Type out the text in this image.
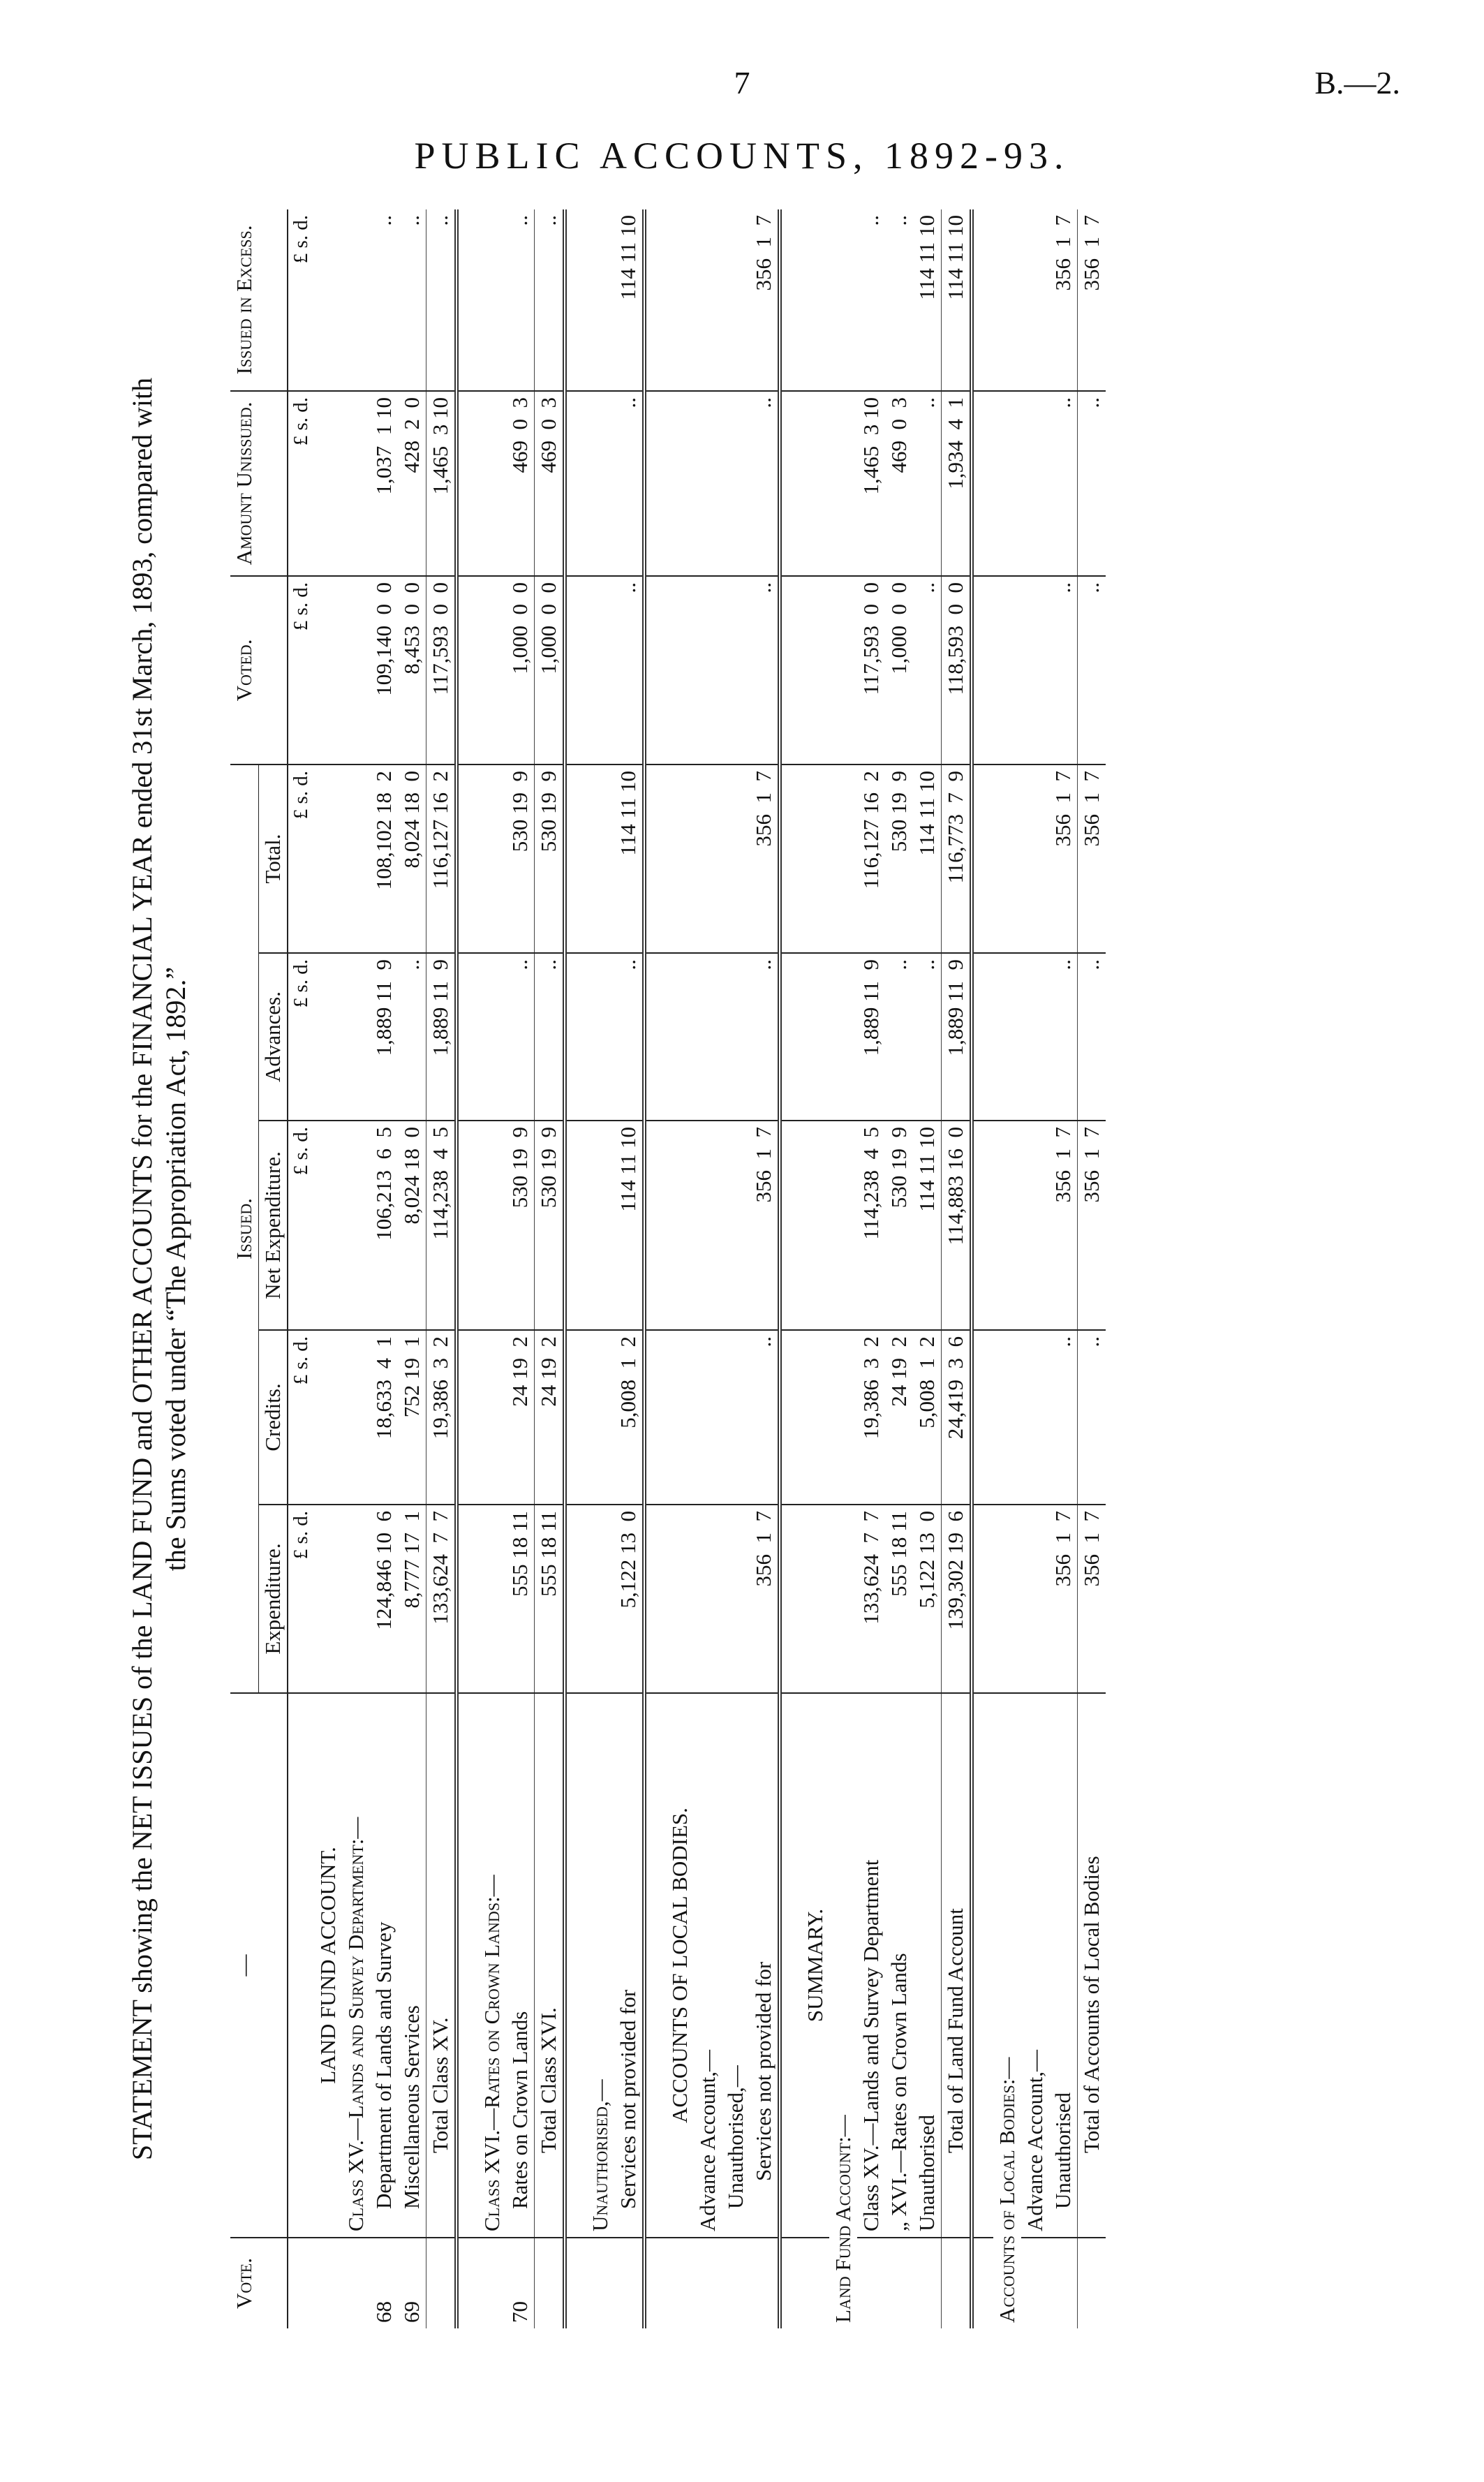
7	B.—2.
PUBLIC ACCOUNTS, 1892-93.
STATEMENT showing the NET ISSUES of the LAND FUND and OTHER ACCOUNTS for the FINANCIAL YEAR ended 31st March, 1893, compared with the Sums voted under “The Appropriation Act, 1892.”
Vote.	—	Issued.					Voted.	Amount Unissued.	Issued in Excess.
		Expenditure.	Credits.	Net Expenditure.	Advances.	Total.			
		£ s. d.	£ s. d.	£ s. d.	£ s. d.	£ s. d.	£ s. d.	£ s. d.	£ s. d.
	LAND FUND ACCOUNT.								
	Class XV.—Lands and Survey Department:—								
68	Department of Lands and Survey	124,846 10  6	18,633  4  1	106,213  6  5	1,889 11  9	108,102 18  2	109,140  0  0	1,037  1 10	..
69	Miscellaneous Services	8,777 17  1	752 19  1	8,024 18  0	..	8,024 18  0	8,453  0  0	428  2  0	..
	Total Class XV.	133,624  7  7	19,386  3  2	114,238  4  5	1,889 11  9	116,127 16  2	117,593  0  0	1,465  3 10	..

	Class XVI.—Rates on Crown Lands:—								
70	Rates on Crown Lands	555 18 11	24 19  2	530 19  9	..	530 19  9	1,000  0  0	469  0  3	..
	Total Class XVI.	555 18 11	24 19  2	530 19  9	..	530 19  9	1,000  0  0	469  0  3	..

	Unauthorised,—								
	Services not provided for	5,122 13  0	5,008  1  2	114 11 10	..	114 11 10	..	..	114 11 10

	ACCOUNTS OF LOCAL BODIES.								
	Advance Account,—								
	Unauthorised,—								
	Services not provided for	356  1  7	..	356  1  7	..	356  1  7	..	..	356  1  7

	SUMMARY.								
Land Fund Account:—									
	Class XV.—Lands and Survey Department	133,624  7  7	19,386  3  2	114,238  4  5	1,889 11  9	116,127 16  2	117,593  0  0	1,465  3 10	..
	„ XVI.—Rates on Crown Lands	555 18 11	24 19  2	530 19  9	..	530 19  9	1,000  0  0	469  0  3	..
	Unauthorised	5,122 13  0	5,008  1  2	114 11 10	..	114 11 10	..	..	114 11 10
	Total of Land Fund Account	139,302 19  6	24,419  3  6	114,883 16  0	1,889 11  9	116,773  7  9	118,593  0  0	1,934  4  1	114 11 10

Accounts of Local Bodies:—									
	Advance Account,—								
	Unauthorised	356  1  7	..	356  1  7	..	356  1  7	..	..	356  1  7
	Total of Accounts of Local Bodies	356  1  7	..	356  1  7	..	356  1  7	..	..	356  1  7
